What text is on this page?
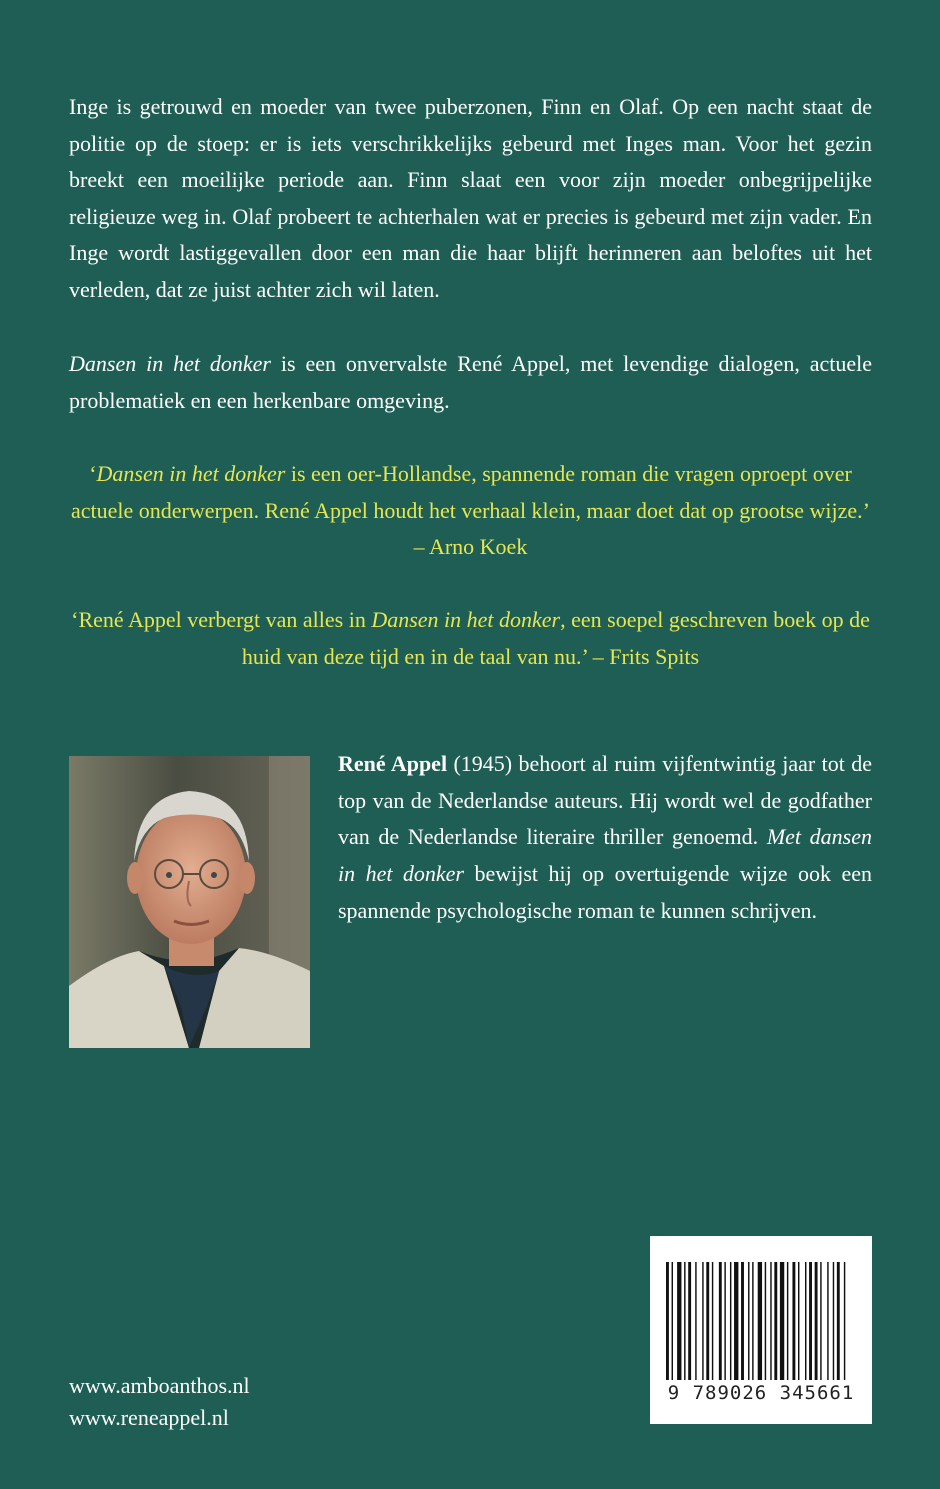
Inge is getrouwd en moeder van twee puberzonen, Finn en Olaf. Op een nacht staat de politie op de stoep: er is iets verschrikkelijks gebeurd met Inges man. Voor het gezin breekt een moeilijke periode aan. Finn slaat een voor zijn moeder onbegrijpelijke religieuze weg in. Olaf probeert te achterhalen wat er precies is gebeurd met zijn vader. En Inge wordt lastiggevallen door een man die haar blijft herinneren aan beloftes uit het verleden, dat ze juist achter zich wil laten.

Dansen in het donker is een onvervalste René Appel, met levendige dialogen, actuele problematiek en een herkenbare omgeving.
‘Dansen in het donker is een oer-Hollandse, spannende roman die vragen oproept over actuele onderwerpen. René Appel houdt het verhaal klein, maar doet dat op grootse wijze.’ – Arno Koek
‘René Appel verbergt van alles in Dansen in het donker, een soepel geschreven boek op de huid van deze tijd en in de taal van nu.’ – Frits Spits
René Appel (1945) behoort al ruim vijfentwintig jaar tot de top van de Nederlandse auteurs. Hij wordt wel de godfather van de Nederlandse literaire thriller genoemd. Met dansen in het donker bewijst hij op overtuigende wijze ook een spannende psychologische roman te kunnen schrijven.
9 789026 345661
www.amboanthos.nl
www.reneappel.nl
